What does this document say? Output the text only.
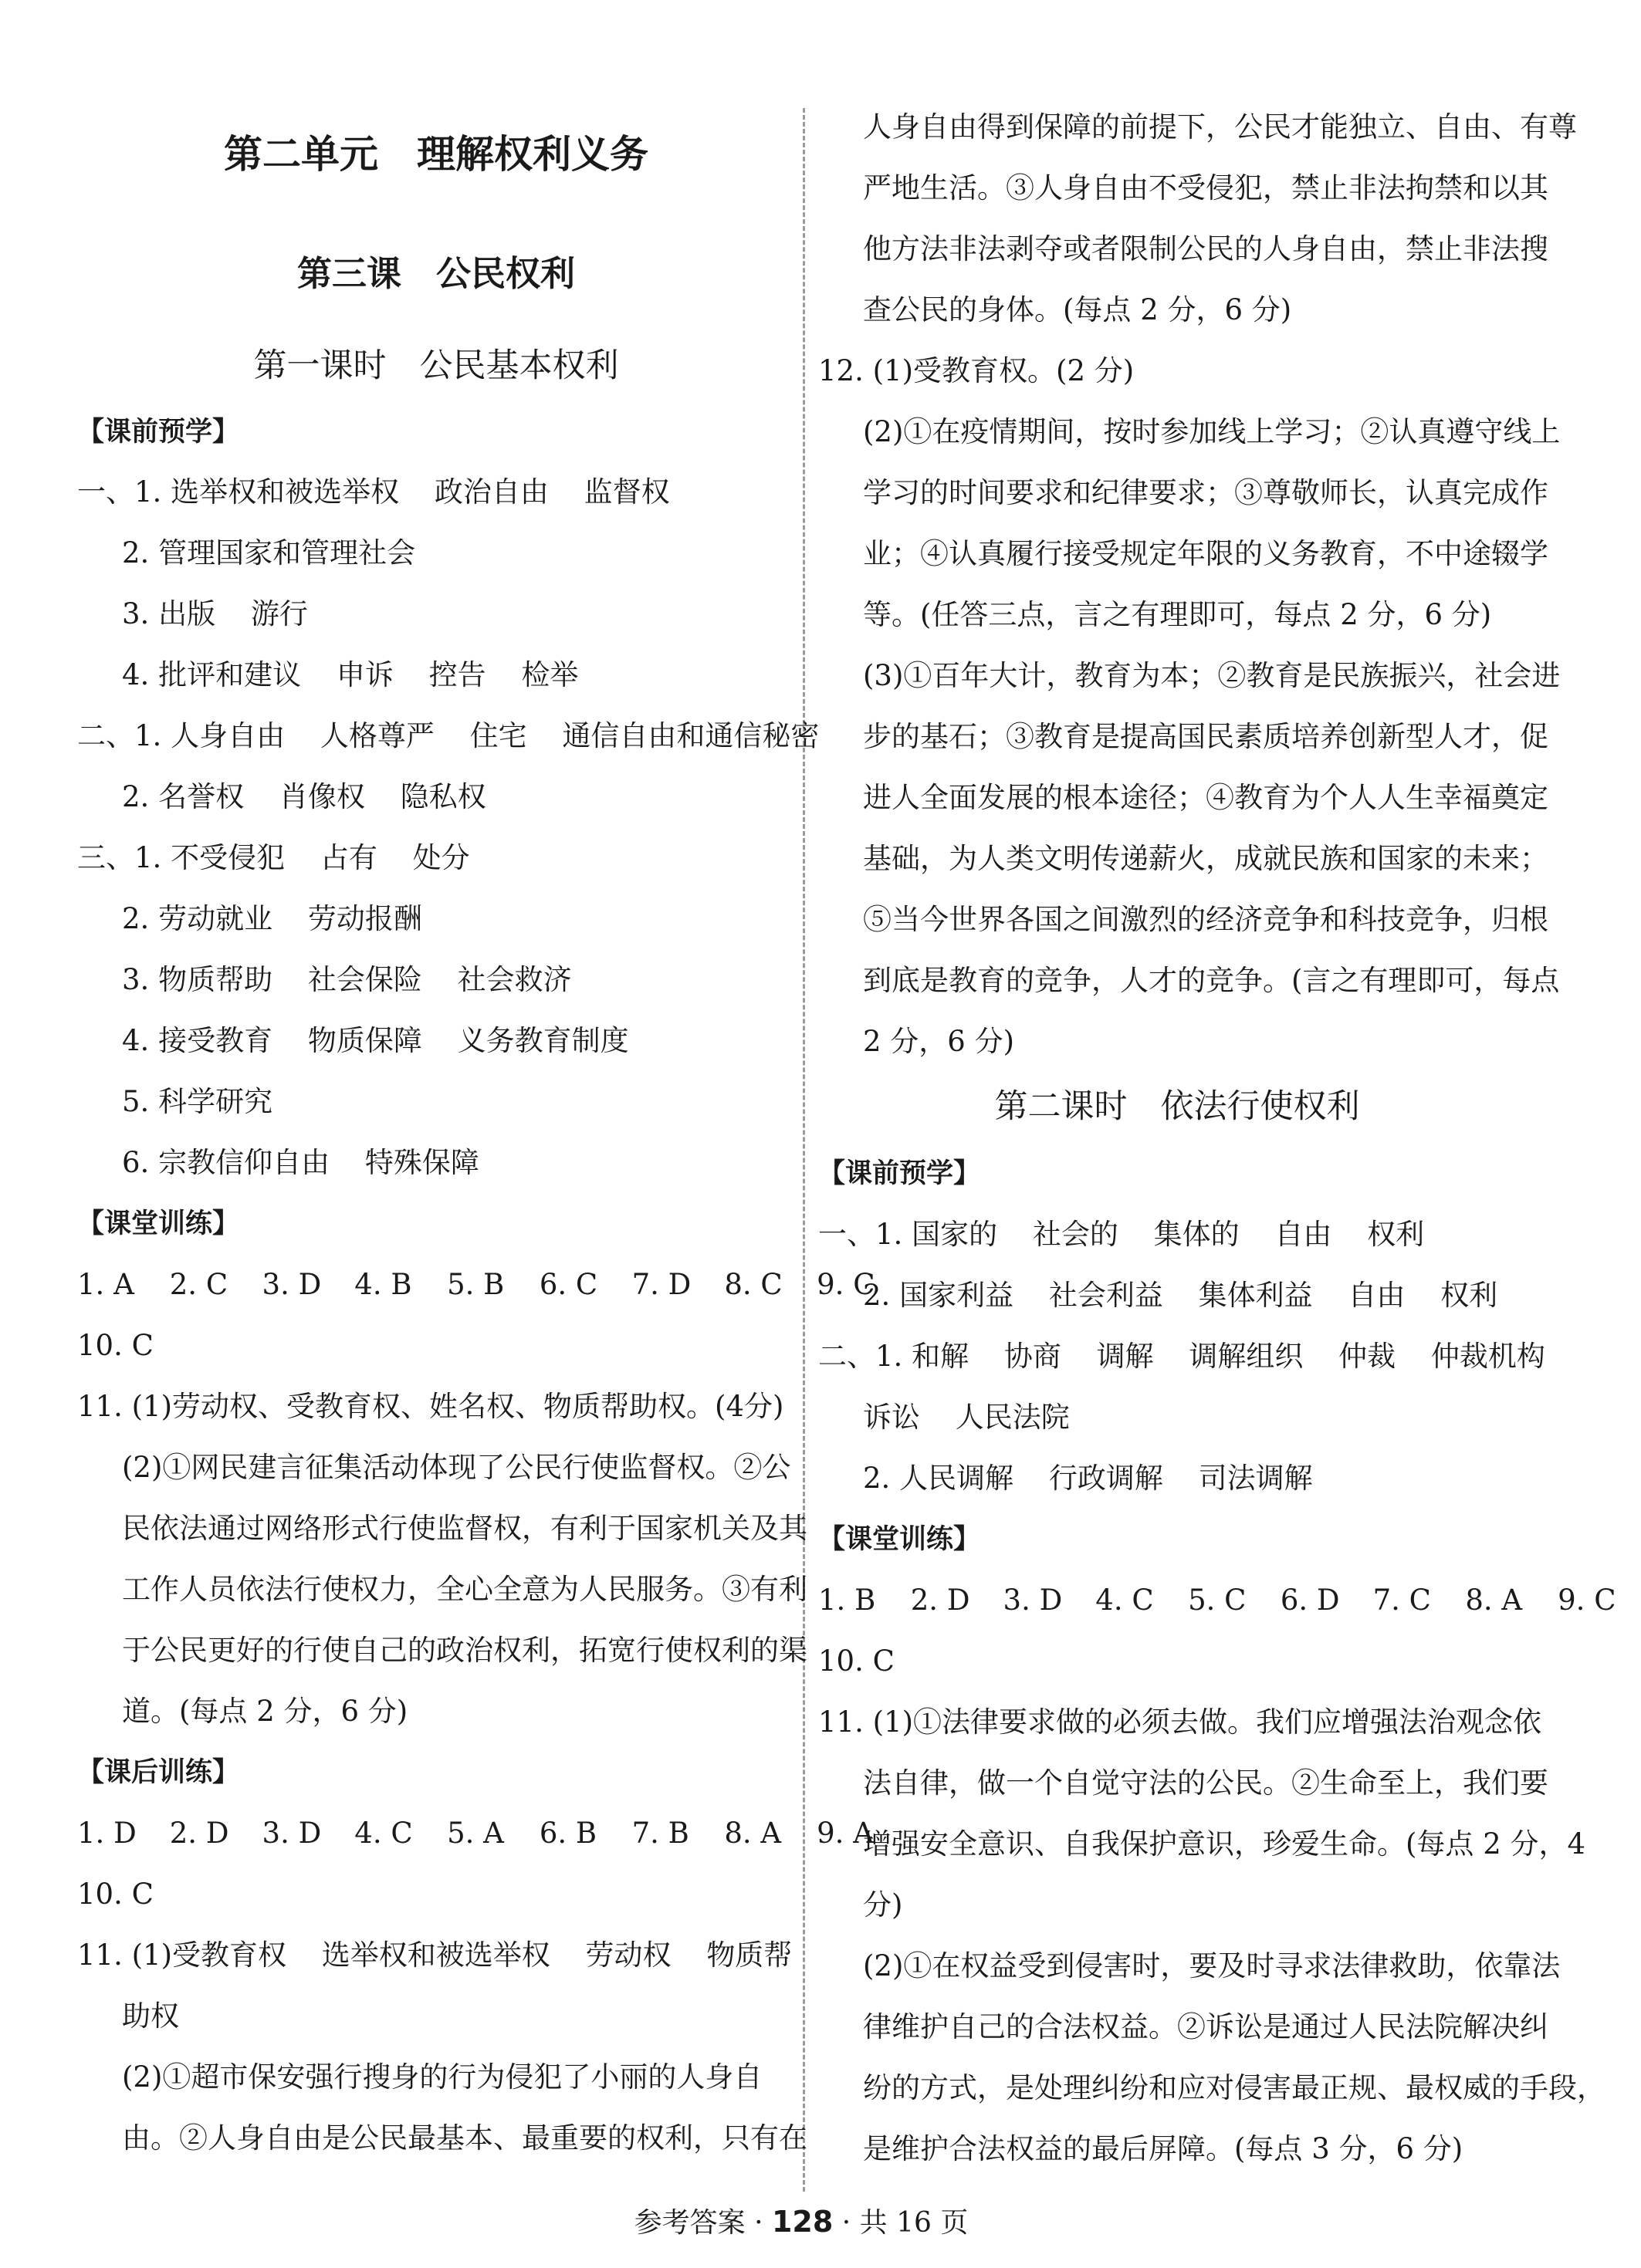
第二单元　理解权利义务
第三课　公民权利
第一课时　公民基本权利
【课前预学】
一、1. 选举权和被选举权 政治自由 监督权
2. 管理国家和管理社会
3. 出版 游行
4. 批评和建议 申诉 控告 检举
二、1. 人身自由 人格尊严 住宅 通信自由和通信秘密
2. 名誉权 肖像权 隐私权
三、1. 不受侵犯 占有 处分
2. 劳动就业 劳动报酬
3. 物质帮助 社会保险 社会救济
4. 接受教育 物质保障 义务教育制度
5. 科学研究
6. 宗教信仰自由 特殊保障
【课堂训练】
1. A 2. C 3. D 4. B 5. B 6. C 7. D 8. C 9. C
10. C
11. (1)劳动权、受教育权、姓名权、物质帮助权。(4分)
(2)①网民建言征集活动体现了公民行使监督权。②公
民依法通过网络形式行使监督权，有利于国家机关及其
工作人员依法行使权力，全心全意为人民服务。③有利
于公民更好的行使自己的政治权利，拓宽行使权利的渠
道。(每点 2 分，6 分)
【课后训练】
1. D 2. D 3. D 4. C 5. A 6. B 7. B 8. A 9. A
10. C
11. (1)受教育权 选举权和被选举权 劳动权 物质帮
助权
(2)①超市保安强行搜身的行为侵犯了小丽的人身自
由。②人身自由是公民最基本、最重要的权利，只有在
人身自由得到保障的前提下，公民才能独立、自由、有尊
严地生活。③人身自由不受侵犯，禁止非法拘禁和以其
他方法非法剥夺或者限制公民的人身自由，禁止非法搜
查公民的身体。(每点 2 分，6 分)
12. (1)受教育权。(2 分)
(2)①在疫情期间，按时参加线上学习；②认真遵守线上
学习的时间要求和纪律要求；③尊敬师长，认真完成作
业；④认真履行接受规定年限的义务教育，不中途辍学
等。(任答三点，言之有理即可，每点 2 分，6 分)
(3)①百年大计，教育为本；②教育是民族振兴，社会进
步的基石；③教育是提高国民素质培养创新型人才，促
进人全面发展的根本途径；④教育为个人人生幸福奠定
基础，为人类文明传递薪火，成就民族和国家的未来；
⑤当今世界各国之间激烈的经济竞争和科技竞争，归根
到底是教育的竞争，人才的竞争。(言之有理即可，每点
2 分，6 分)
第二课时　依法行使权利
【课前预学】
一、1. 国家的 社会的 集体的 自由 权利
2. 国家利益 社会利益 集体利益 自由 权利
二、1. 和解 协商 调解 调解组织 仲裁 仲裁机构
诉讼 人民法院
2. 人民调解 行政调解 司法调解
【课堂训练】
1. B 2. D 3. D 4. C 5. C 6. D 7. C 8. A 9. C
10. C
11. (1)①法律要求做的必须去做。我们应增强法治观念依
法自律，做一个自觉守法的公民。②生命至上，我们要
增强安全意识、自我保护意识，珍爱生命。(每点 2 分，4
分)
(2)①在权益受到侵害时，要及时寻求法律救助，依靠法
律维护自己的合法权益。②诉讼是通过人民法院解决纠
纷的方式，是处理纠纷和应对侵害最正规、最权威的手段，
是维护合法权益的最后屏障。(每点 3 分，6 分)
参考答案 · 128 · 共 16 页
